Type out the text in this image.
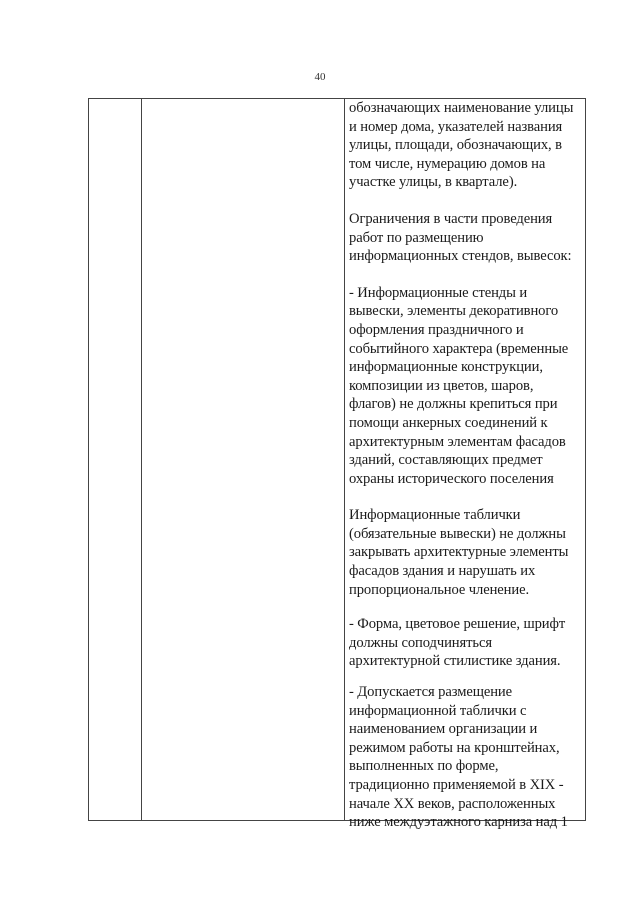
40

обозначающих наименование улицы
и номер дома, указателей названия
улицы, площади, обозначающих, в
том числе, нумерацию домов на
участке улицы, в квартале).

Ограничения в части проведения
работ по размещению
информационных стендов, вывесок:

- Информационные стенды и
вывески, элементы декоративного
оформления праздничного и
событийного характера (временные
информационные конструкции,
композиции из цветов, шаров,
флагов) не должны крепиться при
помощи анкерных соединений к
архитектурным элементам фасадов
зданий, составляющих предмет
охраны исторического поселения

Информационные таблички
(обязательные вывески) не должны
закрывать архитектурные элементы
фасадов здания и нарушать их
пропорциональное членение.

- Форма, цветовое решение, шрифт
должны соподчиняться
архитектурной стилистике здания.

- Допускается размещение
информационной таблички с
наименованием организации и
режимом работы на кронштейнах,
выполненных по форме,
традиционно применяемой в XIX -
начале XX веков, расположенных
ниже междуэтажного карниза над 1
